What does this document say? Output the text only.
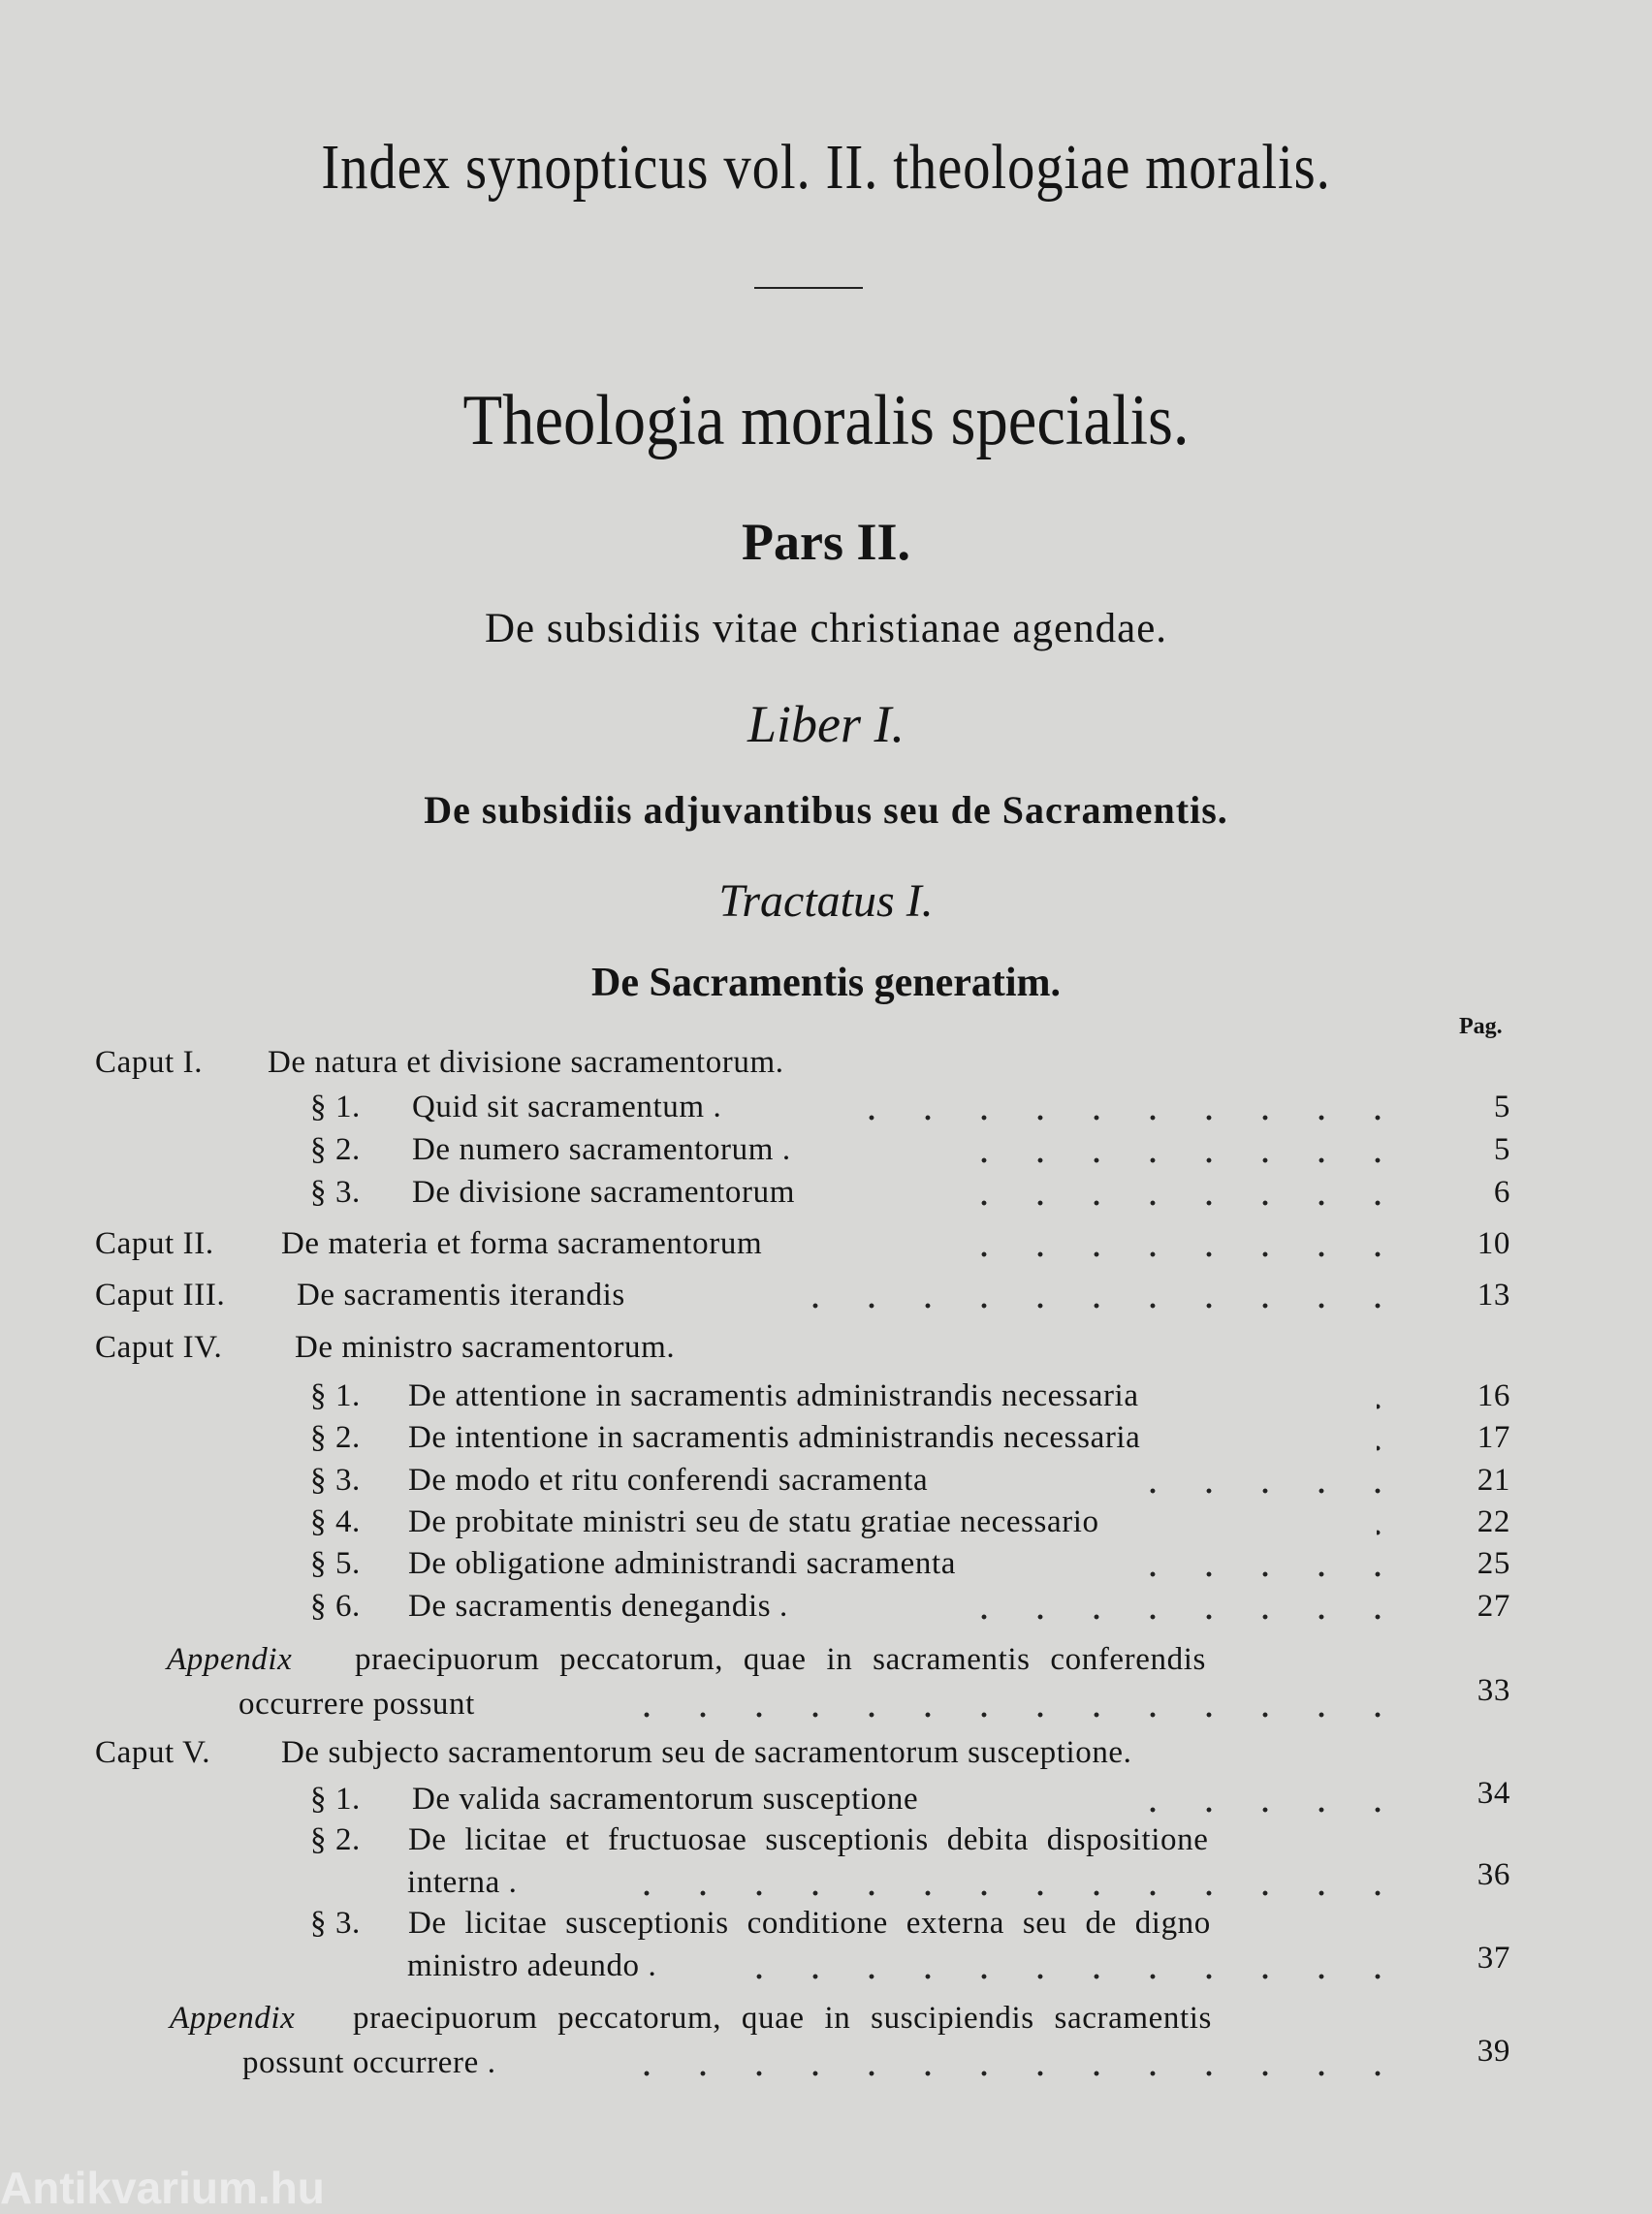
Index synopticus vol. II. theologiae moralis.
Theologia moralis specialis.
Pars II.
De subsidiis vitae christianae agendae.
Liber I.
De subsidiis adjuvantibus seu de Sacramentis.
Tractatus I.
De Sacramentis generatim.
Pag.
Caput I. De natura et divisione sacramentorum.
§ 1. Quid sit sacramentum .	5
§ 2. De numero sacramentorum .	5
§ 3. De divisione sacramentorum	6
Caput II. De materia et forma sacramentorum	10
Caput III. De sacramentis iterandis	13
Caput IV. De ministro sacramentorum.
§ 1. De attentione in sacramentis administrandis necessaria	16
§ 2. De intentione in sacramentis administrandis necessaria	17
§ 3. De modo et ritu conferendi sacramenta	21
§ 4. De probitate ministri seu de statu gratiae necessario	22
§ 5. De obligatione administrandi sacramenta	25
§ 6. De sacramentis denegandis .	27
Appendix praecipuorum peccatorum, quae in sacramentis conferendis
occurrere possunt	33
Caput V. De subjecto sacramentorum seu de sacramentorum susceptione.
§ 1. De valida sacramentorum susceptione	34
§ 2. De licitae et fructuosae susceptionis debita dispositione
interna .	36
§ 3. De licitae susceptionis conditione externa seu de digno
ministro adeundo .	37
Appendix praecipuorum peccatorum, quae in suscipiendis sacramentis
possunt occurrere .	39
Antikvarium.hu
